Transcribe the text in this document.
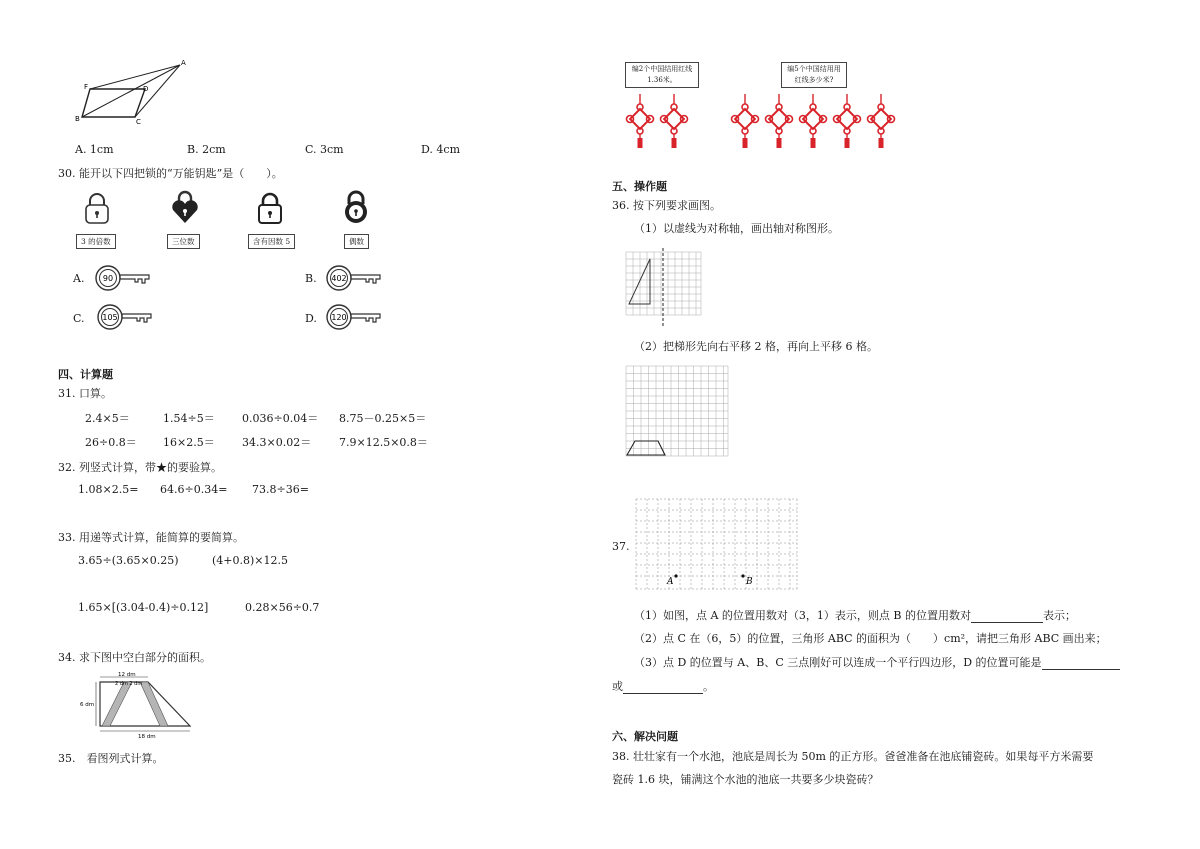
A
F	D
B	C
A. 1cm	B. 2cm	C. 3cm	D. 4cm
30. 能开以下四把锁的“万能钥匙”是（　　）。
3 的倍数	三位数	含有因数 5	偶数
A. 90	B. 402
C. 105	D. 120
四、计算题
31. 口算。
2.4×5＝	1.54÷5＝ 0.036÷0.04＝ 8.75－0.25×5＝
26÷0.8＝ 16×2.5＝ 34.3×0.02＝	7.9×12.5×0.8＝
32. 列竖式计算，带★的要验算。
1.08×2.5= 64.6÷0.34= 73.8÷36=
33. 用递等式计算，能简算的要简算。
3.65÷(3.65×0.25)	(4+0.8)×12.5
1.65×[(3.04-0.4)÷0.12]	0.28×56÷0.7
34. 求下图中空白部分的面积。
12 dm
2 dm 2 dm
6 dm
18 dm
35.　看图列式计算。
编2个中国结用红线1.36米。
编5个中国结用用红线多少米?
五、操作题
36. 按下列要求画图。
（1）以虚线为对称轴，画出轴对称图形。
（2）把梯形先向右平移 2 格，再向上平移 6 格。
37.
A	B
（1）如图，点 A 的位置用数对（3，1）表示，则点 B 的位置用数对	表示；
（2）点 C 在（6，5）的位置，三角形 ABC 的面积为（　　）cm²，请把三角形 ABC 画出来；
（3）点 D 的位置与 A、B、C 三点刚好可以连成一个平行四边形，D 的位置可能是
或	。
六、解决问题
38. 壮壮家有一个水池，池底是周长为 50m 的正方形。爸爸准备在池底铺瓷砖。如果每平方米需要
瓷砖 1.6 块，铺满这个水池的池底一共要多少块瓷砖？
